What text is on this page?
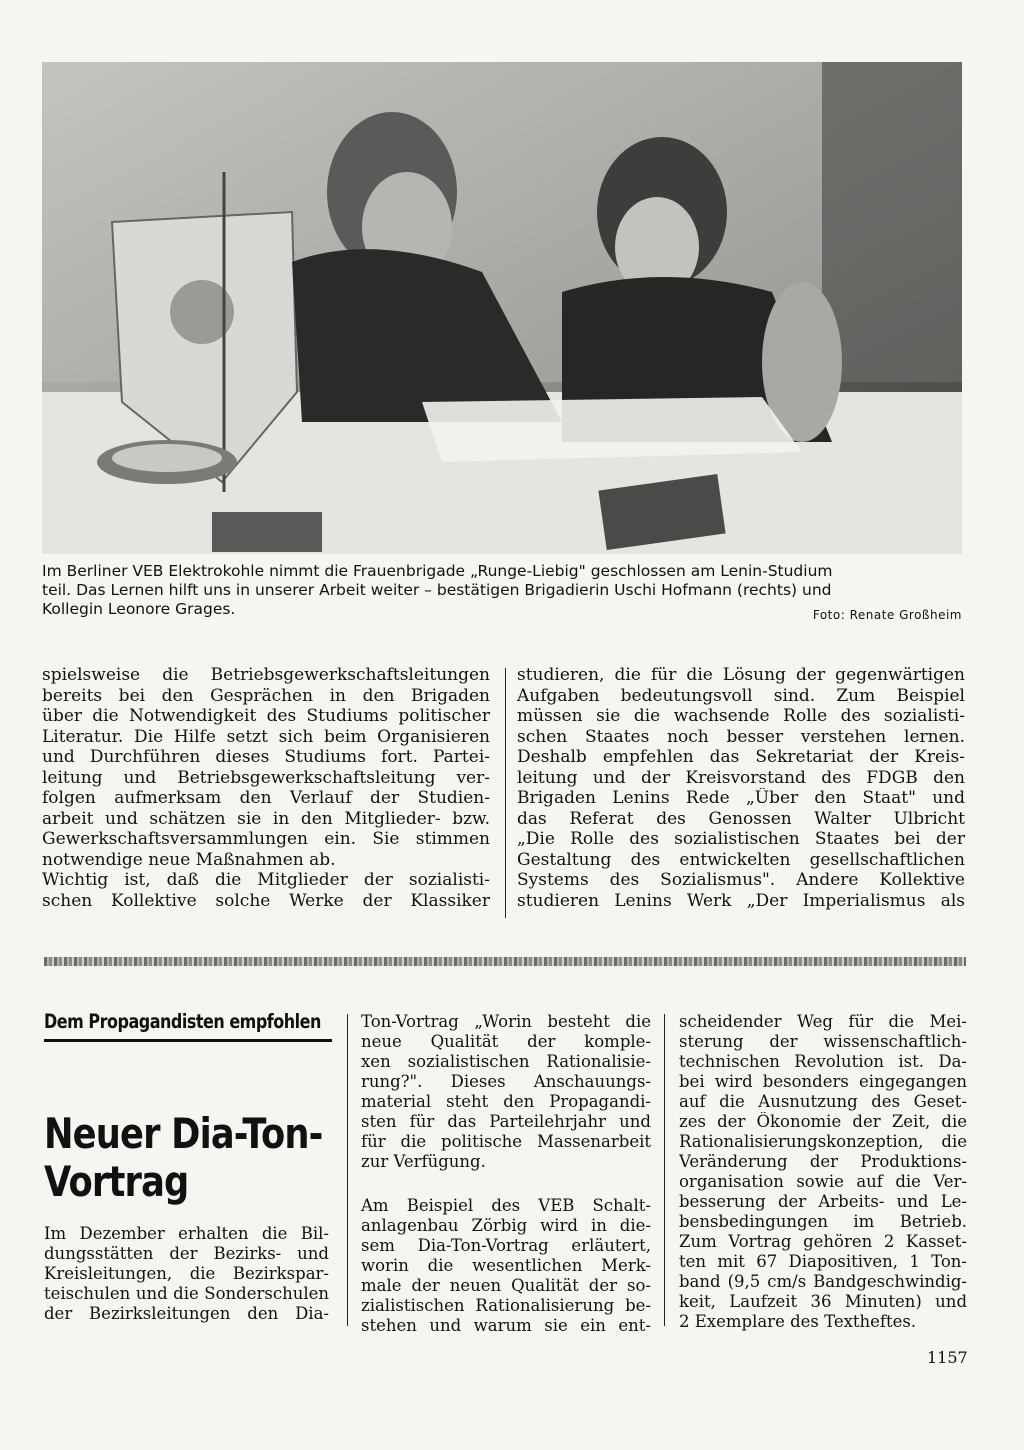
Im Berliner VEB Elektrokohle nimmt die Frauenbrigade „Runge-Liebig" geschlossen am Lenin-Studium
teil. Das Lernen hilft uns in unserer Arbeit weiter – bestätigen Brigadierin Uschi Hofmann (rechts) und
Kollegin Leonore Grages.	Foto: Renate Großheim
spielsweise die Betriebsgewerkschaftsleitungen
bereits bei den Gesprächen in den Brigaden
über die Notwendigkeit des Studiums politischer
Literatur. Die Hilfe setzt sich beim Organisieren
und Durchführen dieses Studiums fort. Partei-
leitung und Betriebsgewerkschaftsleitung ver-
folgen aufmerksam den Verlauf der Studien-
arbeit und schätzen sie in den Mitglieder- bzw.
Gewerkschaftsversammlungen ein. Sie stimmen
notwendige neue Maßnahmen ab.
Wichtig ist, daß die Mitglieder der sozialisti-
schen Kollektive solche Werke der Klassiker
studieren, die für die Lösung der gegenwärtigen
Aufgaben bedeutungsvoll sind. Zum Beispiel
müssen sie die wachsende Rolle des sozialisti-
schen Staates noch besser verstehen lernen.
Deshalb empfehlen das Sekretariat der Kreis-
leitung und der Kreisvorstand des FDGB den
Brigaden Lenins Rede „Über den Staat" und
das Referat des Genossen Walter Ulbricht
„Die Rolle des sozialistischen Staates bei der
Gestaltung des entwickelten gesellschaftlichen
Systems des Sozialismus". Andere Kollektive
studieren Lenins Werk „Der Imperialismus als
Dem Propagandisten empfohlen
Neuer Dia-Ton-
Vortrag
Im Dezember erhalten die Bil-
dungsstätten der Bezirks- und
Kreisleitungen, die Bezirkspar-
teischulen und die Sonderschulen
der Bezirksleitungen den Dia-
Ton-Vortrag „Worin besteht die
neue Qualität der komple-
xen sozialistischen Rationalisie-
rung?". Dieses Anschauungs-
material steht den Propagandi-
sten für das Parteilehrjahr und
für die politische Massenarbeit
zur Verfügung.
Am Beispiel des VEB Schalt-
anlagenbau Zörbig wird in die-
sem Dia-Ton-Vortrag erläutert,
worin die wesentlichen Merk-
male der neuen Qualität der so-
zialistischen Rationalisierung be-
stehen und warum sie ein ent-
scheidender Weg für die Mei-
sterung der wissenschaftlich-
technischen Revolution ist. Da-
bei wird besonders eingegangen
auf die Ausnutzung des Geset-
zes der Ökonomie der Zeit, die
Rationalisierungskonzeption, die
Veränderung der Produktions-
organisation sowie auf die Ver-
besserung der Arbeits- und Le-
bensbedingungen im Betrieb.
Zum Vortrag gehören 2 Kasset-
ten mit 67 Diapositiven, 1 Ton-
band (9,5 cm/s Bandgeschwindig-
keit, Laufzeit 36 Minuten) und
2 Exemplare des Textheftes.
1157
